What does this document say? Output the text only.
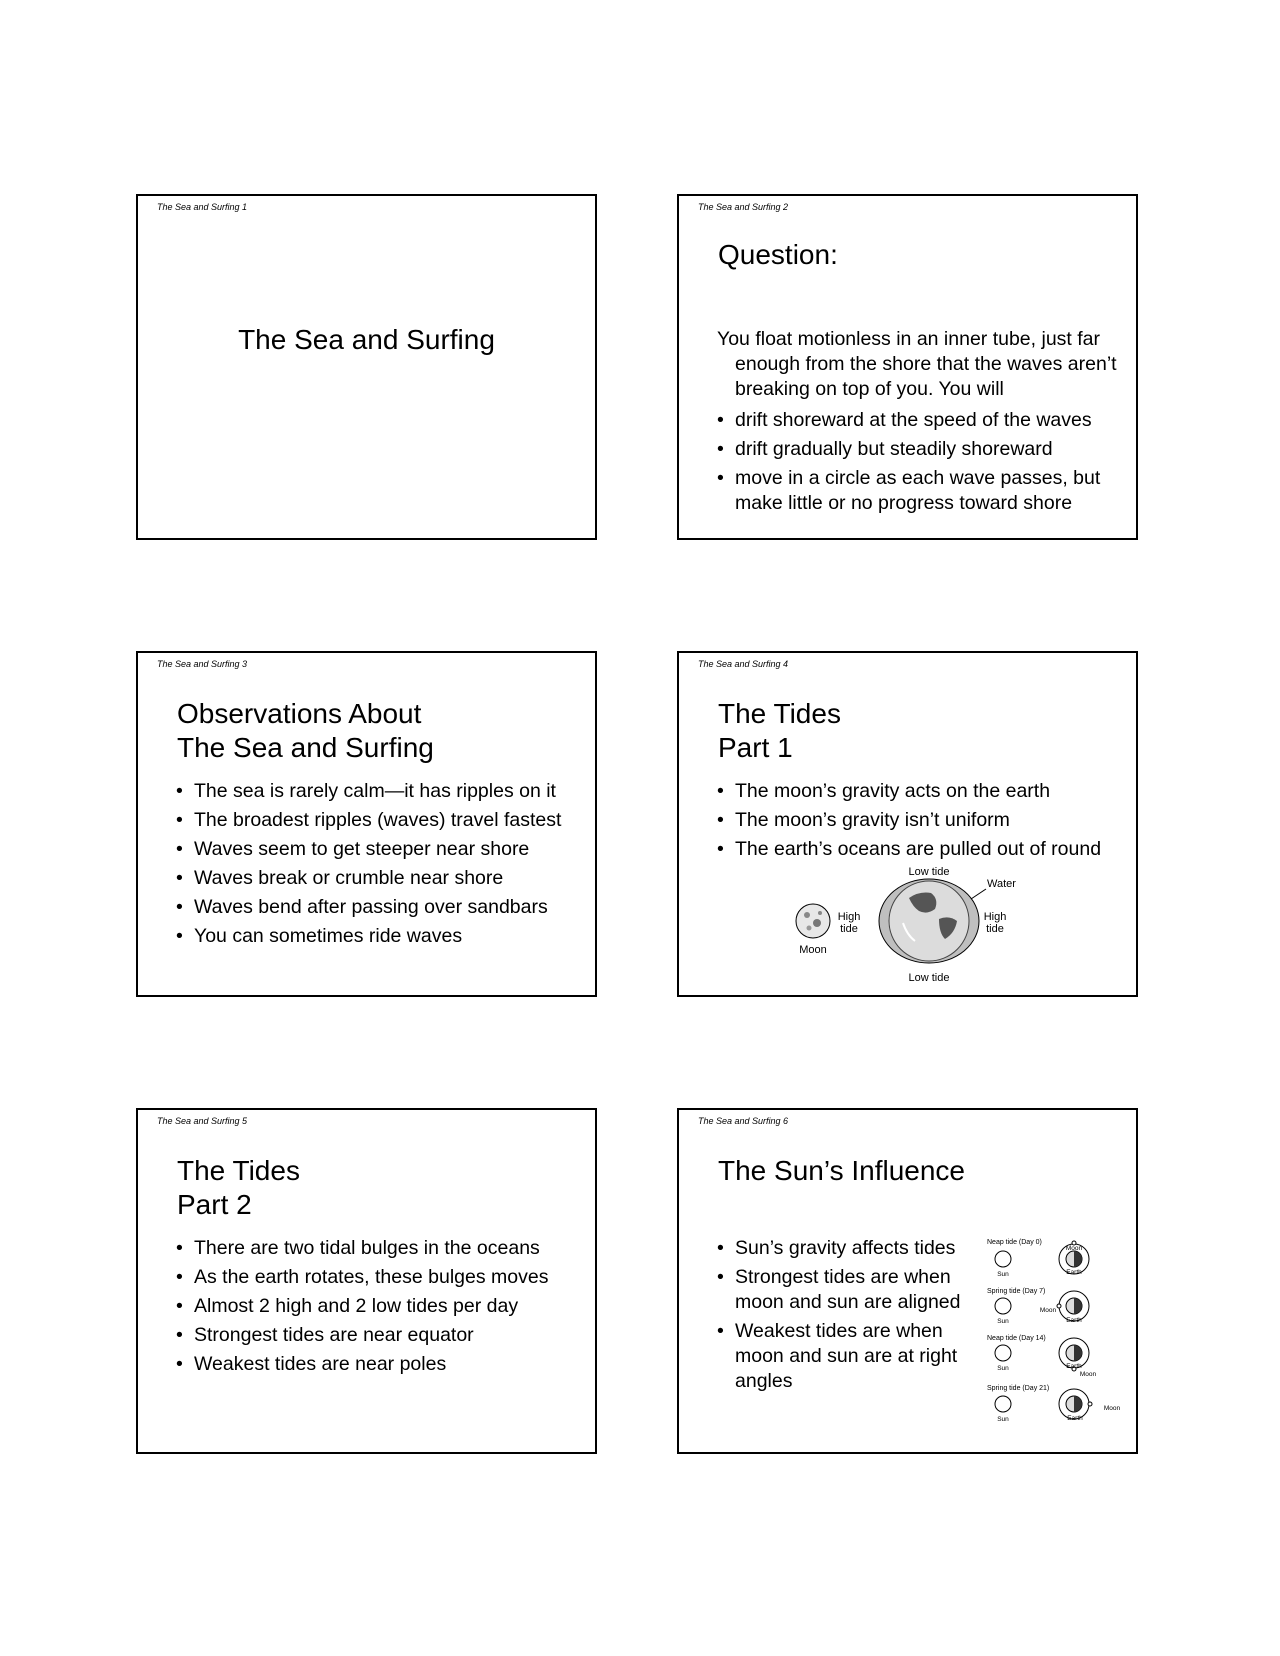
The Sea and Surfing 1
The Sea and Surfing
The Sea and Surfing 2
Question:
You float motionless in an inner tube, just far enough from the shore that the waves aren’t breaking on top of you. You will
• drift shoreward at the speed of the waves
• drift gradually but steadily shoreward
• move in a circle as each wave passes, but make little or no progress toward shore
The Sea and Surfing 3
Observations About
The Sea and Surfing
• The sea is rarely calm—it has ripples on it
• The broadest ripples (waves) travel fastest
• Waves seem to get steeper near shore
• Waves break or crumble near shore
• Waves bend after passing over sandbars
• You can sometimes ride waves
The Sea and Surfing 4
The Tides
Part 1
• The moon’s gravity acts on the earth
• The moon’s gravity isn’t uniform
• The earth’s oceans are pulled out of round
Low tide
Water
High
tide
High
tide
Moon
Low tide
The Sea and Surfing 5
The Tides
Part 2
• There are two tidal bulges in the oceans
• As the earth rotates, these bulges moves
• Almost 2 high and 2 low tides per day
• Strongest tides are near equator
• Weakest tides are near poles
The Sea and Surfing 6
The Sun’s Influence
• Sun’s gravity affects tides
• Strongest tides are when moon and sun are aligned
• Weakest tides are when moon and sun are at right angles
Neap tide (Day 0)
Sun
Moon
Earth
Spring tide (Day 7)
Sun
Moon
Earth
Neap tide (Day 14)
Sun	Earth
Moon
Spring tide (Day 21)
Sun	Earth
Moon
